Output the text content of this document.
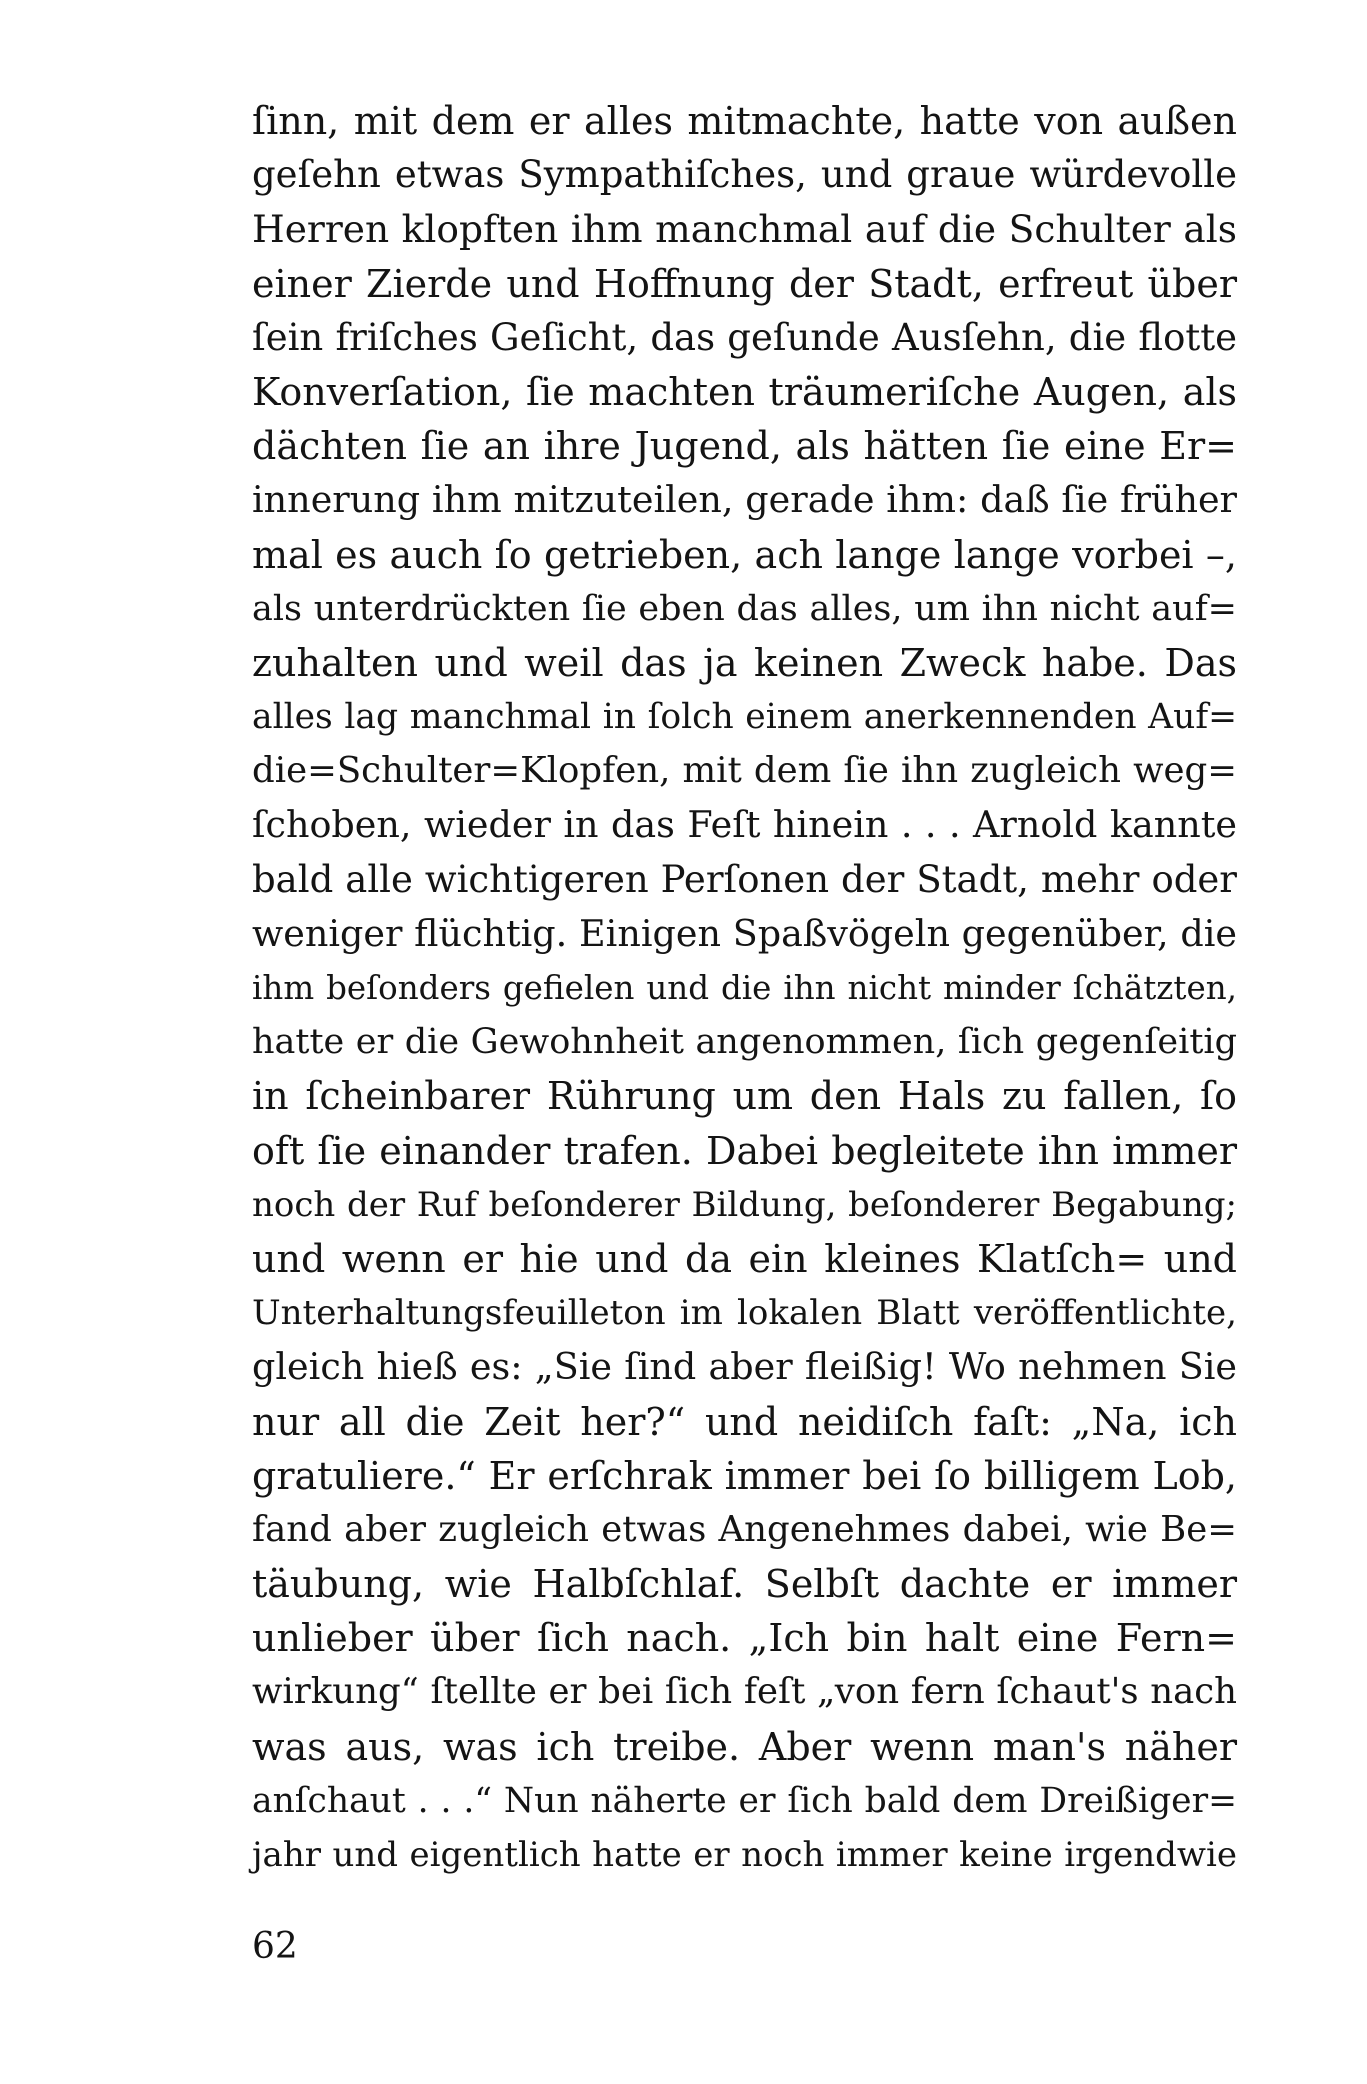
ſinn, mit dem er alles mitmachte, hatte von außen
geſehn etwas Sympathiſches, und graue würdevolle
Herren klopften ihm manchmal auf die Schulter als
einer Zierde und Hoffnung der Stadt, erfreut über
ſein friſches Geſicht, das geſunde Ausſehn, die flotte
Konverſation, ſie machten träumeriſche Augen, als
dächten ſie an ihre Jugend, als hätten ſie eine Er=
innerung ihm mitzuteilen, gerade ihm: daß ſie früher
mal es auch ſo getrieben, ach lange lange vorbei –,
als unterdrückten ſie eben das alles, um ihn nicht auf=
zuhalten und weil das ja keinen Zweck habe. Das
alles lag manchmal in ſolch einem anerkennenden Auf=
die=Schulter=Klopfen, mit dem ſie ihn zugleich weg=
ſchoben, wieder in das Feſt hinein . . . Arnold kannte
bald alle wichtigeren Perſonen der Stadt, mehr oder
weniger flüchtig. Einigen Spaßvögeln gegenüber, die
ihm beſonders gefielen und die ihn nicht minder ſchätzten,
hatte er die Gewohnheit angenommen, ſich gegenſeitig
in ſcheinbarer Rührung um den Hals zu fallen, ſo
oft ſie einander trafen. Dabei begleitete ihn immer
noch der Ruf beſonderer Bildung, beſonderer Begabung;
und wenn er hie und da ein kleines Klatſch= und
Unterhaltungsfeuilleton im lokalen Blatt veröffentlichte,
gleich hieß es: „Sie ſind aber fleißig! Wo nehmen Sie
nur all die Zeit her?“ und neidiſch faſt: „Na, ich
gratuliere.“ Er erſchrak immer bei ſo billigem Lob,
fand aber zugleich etwas Angenehmes dabei, wie Be=
täubung, wie Halbſchlaf. Selbſt dachte er immer
unlieber über ſich nach. „Ich bin halt eine Fern=
wirkung“ ſtellte er bei ſich feſt „von fern ſchaut's nach
was aus, was ich treibe. Aber wenn man's näher
anſchaut . . .“ Nun näherte er ſich bald dem Dreißiger=
jahr und eigentlich hatte er noch immer keine irgendwie
62
